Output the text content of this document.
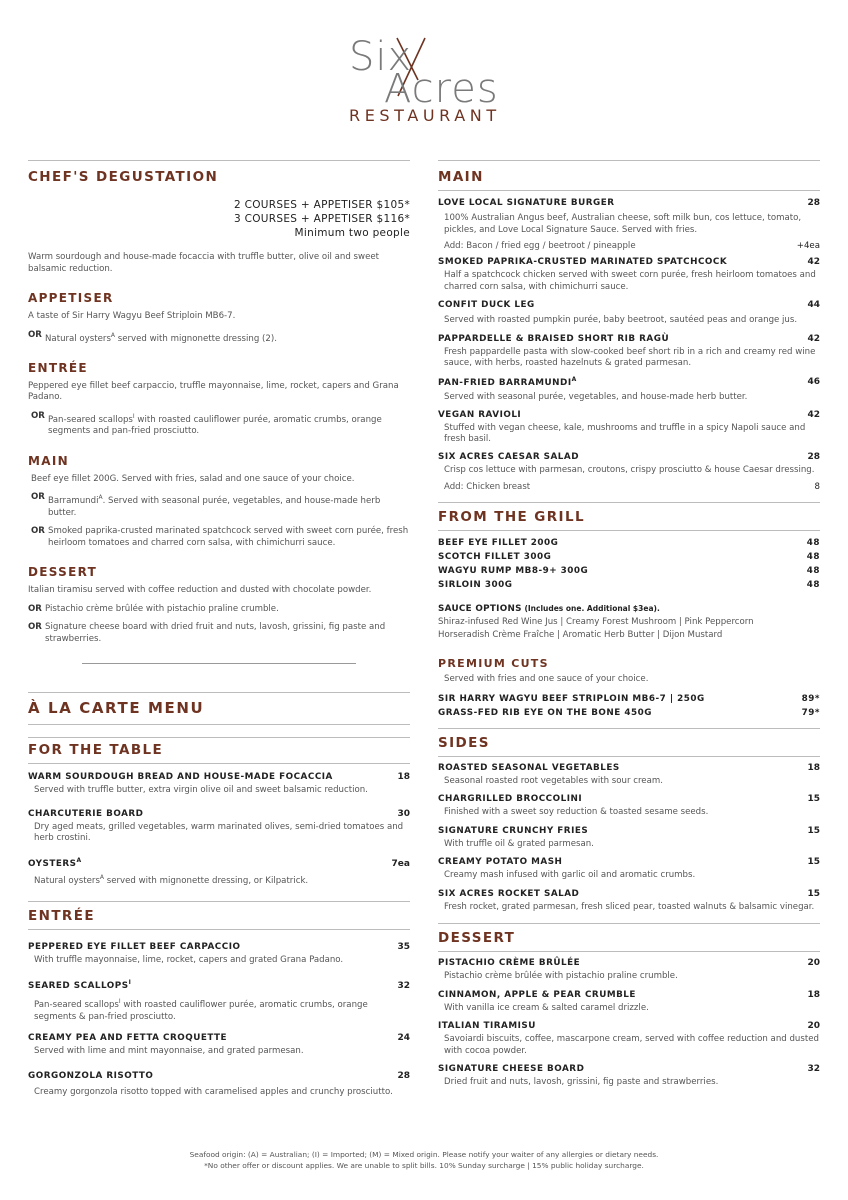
Six
Acres
RESTAURANT
CHEF'S DEGUSTATION
2 COURSES + APPETISER $105*
3 COURSES + APPETISER $116*
Minimum two people
Warm sourdough and house-made focaccia with truffle butter, olive oil and sweet balsamic reduction.
APPETISER
A taste of Sir Harry Wagyu Beef Striploin MB6-7.
OR Natural oysters$^A$ served with mignonette dressing (2).
ENTRÉE
Peppered eye fillet beef carpaccio, truffle mayonnaise, lime, rocket, capers and Grana Padano.
OR Pan-seared scallops$^I$ with roasted cauliflower purée, aromatic crumbs, orange segments and pan-fried prosciutto.
MAIN
Beef eye fillet 200G. Served with fries, salad and one sauce of your choice.
OR Barramundi$^A$. Served with seasonal purée, vegetables, and house-made herb butter.
OR Smoked paprika-crusted marinated spatchcock served with sweet corn purée, fresh heirloom tomatoes and charred corn salsa, with chimichurri sauce.
DESSERT
Italian tiramisu served with coffee reduction and dusted with chocolate powder.
OR Pistachio crème brûlée with pistachio praline crumble.
OR Signature cheese board with dried fruit and nuts, lavosh, grissini, fig paste and strawberries.
À LA CARTE MENU
FOR THE TABLE
WARM SOURDOUGH BREAD AND HOUSE-MADE FOCACCIA	18
Served with truffle butter, extra virgin olive oil and sweet balsamic reduction.
CHARCUTERIE BOARD	30
Dry aged meats, grilled vegetables, warm marinated olives, semi-dried tomatoes and herb crostini.
$OYSTERS^A$	7ea
Natural oysters$^A$ served with mignonette dressing, or Kilpatrick.
ENTRÉE
PEPPERED EYE FILLET BEEF CARPACCIO	35
With truffle mayonnaise, lime, rocket, capers and grated Grana Padano.
SEARED $SCALLOPS^I$	32
Pan-seared scallops$^I$ with roasted cauliflower purée, aromatic crumbs, orange segments & pan-fried prosciutto.
CREAMY PEA AND FETTA CROQUETTE	24
Served with lime and mint mayonnaise, and grated parmesan.
GORGONZOLA RISOTTO	28
Creamy gorgonzola risotto topped with caramelised apples and crunchy prosciutto.
MAIN
LOVE LOCAL SIGNATURE BURGER	28
100% Australian Angus beef, Australian cheese, soft milk bun, cos lettuce, tomato, pickles, and Love Local Signature Sauce. Served with fries.
Add: Bacon / fried egg / beetroot / pineapple	+4ea
SMOKED PAPRIKA-CRUSTED MARINATED SPATCHCOCK	42
Half a spatchcock chicken served with sweet corn purée, fresh heirloom tomatoes and charred corn salsa, with chimichurri sauce.
CONFIT DUCK LEG	44
Served with roasted pumpkin purée, baby beetroot, sautéed peas and orange jus.
PAPPARDELLE & BRAISED SHORT RIB RAGÙ	42
Fresh pappardelle pasta with slow-cooked beef short rib in a rich and creamy red wine sauce, with herbs, roasted hazelnuts & grated parmesan.
PAN-FRIED $BARRAMUNDI^A$	46
Served with seasonal purée, vegetables, and house-made herb butter.
VEGAN RAVIOLI	42
Stuffed with vegan cheese, kale, mushrooms and truffle in a spicy Napoli sauce and fresh basil.
SIX ACRES CAESAR SALAD	28
Crisp cos lettuce with parmesan, croutons, crispy prosciutto & house Caesar dressing.
Add: Chicken breast	8
FROM THE GRILL
BEEF EYE FILLET 200G	48
SCOTCH FILLET 300G	48
WAGYU RUMP MB8-9+ 300G	48
SIRLOIN 300G	48
SAUCE OPTIONS (Includes one. Additional $3ea).
Shiraz-infused Red Wine Jus | Creamy Forest Mushroom | Pink Peppercorn
Horseradish Crème Fraîche | Aromatic Herb Butter | Dijon Mustard
PREMIUM CUTS
Served with fries and one sauce of your choice.
SIR HARRY WAGYU BEEF STRIPLOIN MB6-7 | 250G	89*
GRASS-FED RIB EYE ON THE BONE 450G	79*
SIDES
ROASTED SEASONAL VEGETABLES	18
Seasonal roasted root vegetables with sour cream.
CHARGRILLED BROCCOLINI	15
Finished with a sweet soy reduction & toasted sesame seeds.
SIGNATURE CRUNCHY FRIES	15
With truffle oil & grated parmesan.
CREAMY POTATO MASH	15
Creamy mash infused with garlic oil and aromatic crumbs.
SIX ACRES ROCKET SALAD	15
Fresh rocket, grated parmesan, fresh sliced pear, toasted walnuts & balsamic vinegar.
DESSERT
PISTACHIO CRÈME BRÛLÉE	20
Pistachio crème brûlée with pistachio praline crumble.
CINNAMON, APPLE & PEAR CRUMBLE	18
With vanilla ice cream & salted caramel drizzle.
ITALIAN TIRAMISU	20
Savoiardi biscuits, coffee, mascarpone cream, served with coffee reduction and dusted with cocoa powder.
SIGNATURE CHEESE BOARD	32
Dried fruit and nuts, lavosh, grissini, fig paste and strawberries.
Seafood origin: (A) = Australian; (I) = Imported; (M) = Mixed origin. Please notify your waiter of any allergies or dietary needs.
*No other offer or discount applies. We are unable to split bills. 10% Sunday surcharge | 15% public holiday surcharge.
